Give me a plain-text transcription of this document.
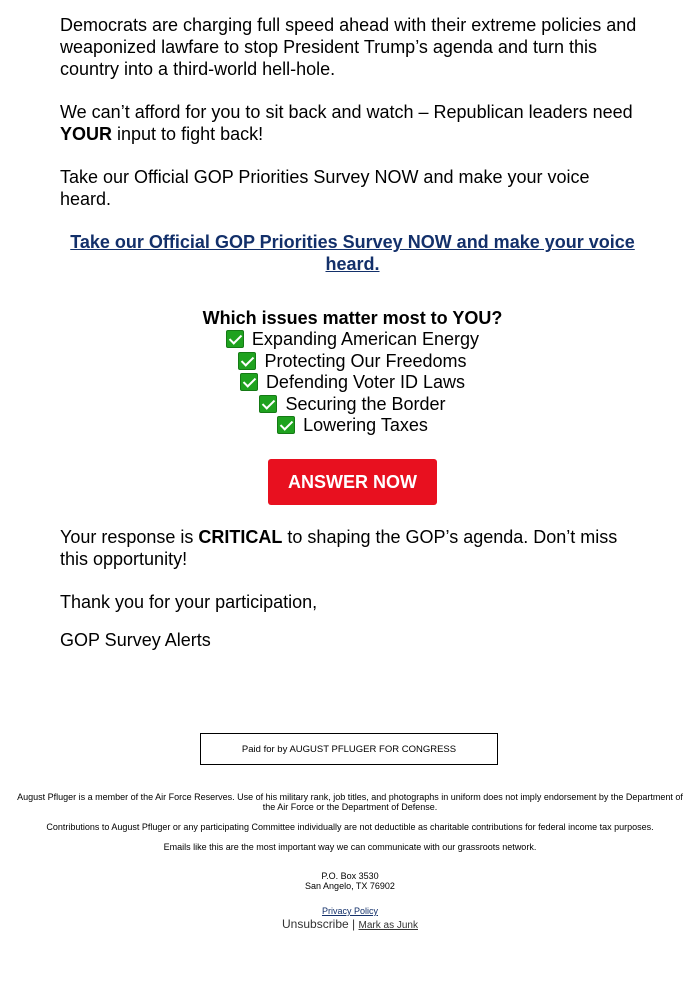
Democrats are charging full speed ahead with their extreme policies and weaponized lawfare to stop President Trump’s agenda and turn this country into a third-world hell-hole.

We can’t afford for you to sit back and watch – Republican leaders need YOUR input to fight back!

Take our Official GOP Priorities Survey NOW and make your voice heard.

Take our Official GOP Priorities Survey NOW and make your voice heard.
Which issues matter most to YOU?
Expanding American Energy
Protecting Our Freedoms
Defending Voter ID Laws
Securing the Border
Lowering Taxes
ANSWER NOW

Your response is CRITICAL to shaping the GOP’s agenda. Don’t miss this opportunity!

Thank you for your participation,

GOP Survey Alerts

Paid for by AUGUST PFLUGER FOR CONGRESS
August Pfluger is a member of the Air Force Reserves. Use of his military rank, job titles, and photographs in uniform does not imply endorsement by the Department of the Air Force or the Department of Defense.
Contributions to August Pfluger or any participating Committee individually are not deductible as charitable contributions for federal income tax purposes.
Emails like this are the most important way we can communicate with our grassroots network.
P.O. Box 3530
San Angelo, TX 76902
Privacy Policy
Unsubscribe | Mark as Junk
